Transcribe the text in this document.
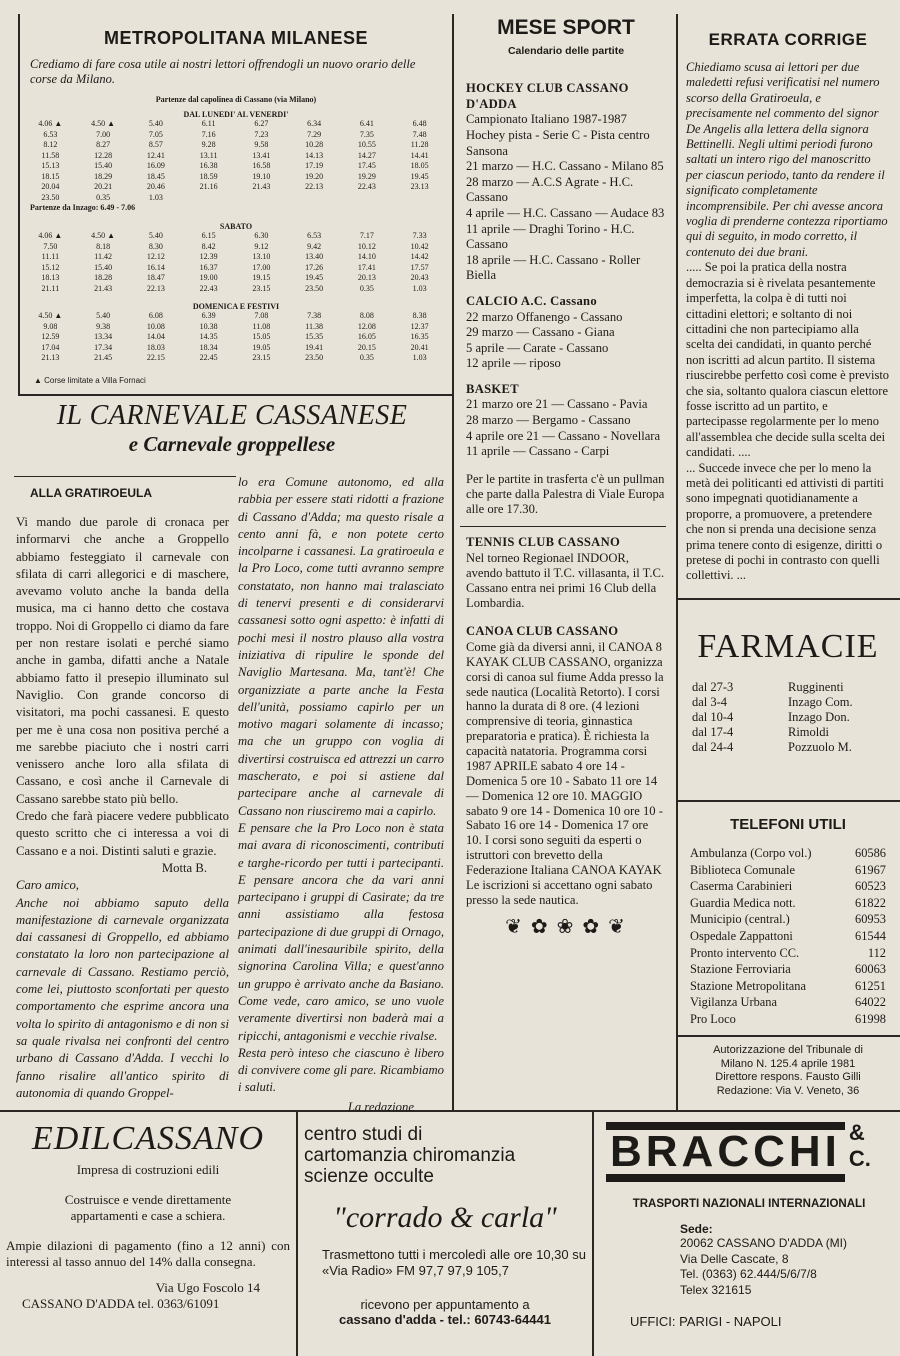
METROPOLITANA MILANESE
Crediamo di fare cosa utile ai nostri lettori offrendogli un nuovo orario delle corse da Milano.
Partenze dal capolinea di Cassano (via Milano)
DAL LUNEDI' AL VENERDI'
4.06 ▲	4.50 ▲	5.40	6.11	6.27	6.34	6.41	6.48
6.53	7.00	7.05	7.16	7.23	7.29	7.35	7.48
8.12	8.27	8.57	9.28	9.58	10.28	10.55	11.28
11.58	12.28	12.41	13.11	13.41	14.13	14.27	14.41
15.13	15.40	16.09	16.38	16.58	17.19	17.45	18.05
18.15	18.29	18.45	18.59	19.10	19.20	19.29	19.45
20.04	20.21	20.46	21.16	21.43	22.13	22.43	23.13
23.50	0.35	1.03					
Partenze da Inzago: 6.49 - 7.06
SABATO
4.06 ▲	4.50 ▲	5.40	6.15	6.30	6.53	7.17	7.33
7.50	8.18	8.30	8.42	9.12	9.42	10.12	10.42
11.11	11.42	12.12	12.39	13.10	13.40	14.10	14.42
15.12	15.40	16.14	16.37	17.00	17.26	17.41	17.57
18.13	18.28	18.47	19.00	19.15	19.45	20.13	20.43
21.11	21.43	22.13	22.43	23.15	23.50	0.35	1.03
DOMENICA E FESTIVI
4.50 ▲	5.40	6.08	6.39	7.08	7.38	8.08	8.38
9.08	9.38	10.08	10.38	11.08	11.38	12.08	12.37
12.59	13.34	14.04	14.35	15.05	15.35	16.05	16.35
17.04	17.34	18.03	18.34	19.05	19.41	20.15	20.41
21.13	21.45	22.15	22.45	23.15	23.50	0.35	1.03
▲ Corse limitate a Villa Fornaci
IL CARNEVALE CASSANESE
e Carnevale groppellese
ALLA GRATIROEULA

Vi mando due parole di cronaca per informarvi che anche a Groppello abbiamo festeggiato il carnevale con sfilata di carri allegorici e di maschere, avevamo voluto anche la banda della musica, ma ci hanno detto che costava troppo. Noi di Groppello ci diamo da fare per non restare isolati e perché siamo anche in gamba, difatti anche a Natale abbiamo fatto il presepio illuminato sul Naviglio. Con grande concorso di visitatori, ma pochi cassanesi. E questo per me è una cosa non positiva perché a me sarebbe piaciuto che i nostri carri venissero anche loro alla sfilata di Cassano, e così anche il Carnevale di Cassano sarebbe stato più bello.

Credo che farà piacere vedere pubblicato questo scritto che ci interessa a voi di Cassano e a noi. Distinti saluti e grazie.

Motta B.

Caro amico,

Anche noi abbiamo saputo della manifestazione di carnevale organizzata dai cassanesi di Groppello, ed abbiamo constatato la loro non partecipazione al carnevale di Cassano. Restiamo perciò, come lei, piuttosto sconfortati per questo comportamento che esprime ancora una volta lo spirito di antagonismo e di non si sa quale rivalsa nei confronti del centro urbano di Cassano d'Adda. I vecchi lo fanno risalire all'antico spirito di autonomia di quando Groppel-

lo era Comune autonomo, ed alla rabbia per essere stati ridotti a frazione di Cassano d'Adda; ma questo risale a cento anni fà, e non potete certo incolparne i cassanesi. La gratiroeula e la Pro Loco, come tutti avranno sempre constatato, non hanno mai tralasciato di tenervi presenti e di considerarvi cassanesi sotto ogni aspetto: è infatti di pochi mesi il nostro plauso alla vostra iniziativa di ripulire le sponde del Naviglio Martesana. Ma, tant'è! Che organizziate a parte anche la Festa dell'unità, possiamo capirlo per un motivo magari solamente di incasso; ma che un gruppo con voglia di divertirsi costruisca ed attrezzi un carro mascherato, e poi si astiene dal partecipare anche al carnevale di Cassano non riusciremo mai a capirlo.

E pensare che la Pro Loco non è stata mai avara di riconoscimenti, contributi e targhe-ricordo per tutti i partecipanti. E pensare ancora che da vari anni partecipano i gruppi di Casirate; da tre anni assistiamo alla festosa partecipazione di due gruppi di Ornago, animati dall'inesauribile spirito, della signorina Carolina Villa; e quest'anno un gruppo è arrivato anche da Basiano. Come vede, caro amico, se uno vuole veramente divertirsi non baderà mai a ripicchi, antagonismi e vecchie rivalse.

Resta però inteso che ciascuno è libero di convivere come gli pare. Ricambiamo i saluti.

La redazione
MESE SPORT
Calendario delle partite
HOCKEY CLUB CASSANO D'ADDA
Campionato Italiano 1987-1987
Hochey pista - Serie C - Pista centro Sansona
21 marzo — H.C. Cassano - Milano 85
28 marzo — A.C.S Agrate - H.C. Cassano
4 aprile — H.C. Cassano — Audace 83
11 aprile — Draghi Torino - H.C. Cassano
18 aprile — H.C. Cassano - Roller Biella
CALCIO A.C. Cassano
22 marzo Offanengo - Cassano
29 marzo — Cassano - Giana
5 aprile — Carate - Cassano
12 aprile — riposo
BASKET
21 marzo ore 21 — Cassano - Pavia
28 marzo — Bergamo - Cassano
4 aprile ore 21 — Cassano - Novellara
11 aprile — Cassano - Carpi

Per le partite in trasferta c'è un pullman che parte dalla Palestra di Viale Europa alle ore 17.30.

TENNIS CLUB CASSANO

Nel torneo Regionael INDOOR, avendo battuto il T.C. villasanta, il T.C. Cassano entra nei primi 16 Club della Lombardia.

CANOA CLUB CASSANO

Come già da diversi anni, il CANOA 8 KAYAK CLUB CASSANO, organizza corsi di canoa sul fiume Adda presso la sede nautica (Località Retorto). I corsi hanno la durata di 8 ore. (4 lezioni comprensive di teoria, ginnastica preparatoria e pratica). È richiesta la capacità natatoria. Programma corsi 1987 APRILE sabato 4 ore 14 - Domenica 5 ore 10 - Sabato 11 ore 14 — Domenica 12 ore 10. MAGGIO sabato 9 ore 14 - Domenica 10 ore 10 - Sabato 16 ore 14 - Domenica 17 ore 10. I corsi sono seguiti da esperti o istruttori con brevetto della Federazione Italiana CANOA KAYAK Le iscrizioni si accettano ogni sabato presso la sede nautica.

❦ ✿ ❀ ✿ ❦
ERRATA CORRIGE

Chiediamo scusa ai lettori per due maledetti refusi verificatisi nel numero scorso della Gratiroeula, e precisamente nel commento del signor De Angelis alla lettera della signora Bettinelli. Negli ultimi periodi furono saltati un intero rigo del manoscritto per ciascun periodo, tanto da rendere il significato completamente incomprensibile. Per chi avesse ancora voglia di prenderne contezza riportiamo qui di seguito, in modo corretto, il contenuto dei due brani.

..... Se poi la pratica della nostra democrazia si è rivelata pesantemente imperfetta, la colpa è di tutti noi cittadini elettori; e soltanto di noi cittadini che non partecipiamo alla scelta dei candidati, in quanto perché non iscritti ad alcun partito. Il sistema riuscirebbe perfetto così come è previsto che sia, soltanto qualora ciascun elettore fosse iscritto ad un partito, e partecipasse regolarmente per lo meno all'assemblea che decide sulla scelta dei candidati. ....

... Succede invece che per lo meno la metà dei politicanti ed attivisti di partiti sono impegnati quotidianamente a proporre, a promuovere, a pretendere che non si prenda una decisione senza prima tenere conto di esigenze, diritti o pretese di pochi in contrasto con quelli collettivi. ...

FARMACIE
dal 27-3	Rugginenti
dal 3-4	Inzago Com.
dal 10-4	Inzago Don.
dal 17-4	Rimoldi
dal 24-4	Pozzuolo M.
TELEFONI UTILI
Ambulanza (Corpo vol.)	60586
Biblioteca Comunale	61967
Caserma Carabinieri	60523
Guardia Medica nott.	61822
Municipio (central.)	60953
Ospedale Zappattoni	61544
Pronto intervento CC.	112
Stazione Ferroviaria	60063
Stazione Metropolitana	61251
Vigilanza Urbana	64022
Pro Loco	61998
Autorizzazione del Tribunale di
Milano N. 125.4 aprile 1981
Direttore respons. Fausto Gilli
Redazione: Via V. Veneto, 36
EDILCASSANO
Impresa di costruzioni edili
Costruisce e vende direttamente
appartamenti e case a schiera.

Ampie dilazioni di pagamento (fino a 12 anni) con interessi al tasso annuo del 14% dalla consegna.

Via Ugo Foscolo 14
CASSANO D'ADDA tel. 0363/61091
centro studi di
cartomanzia chiromanzia
scienze occulte
"corrado & carla"

Trasmettono tutti i mercoledì alle ore 10,30 su «Via Radio» FM 97,7 97,9 105,7

ricevono per appuntamento a
cassano d'adda - tel.: 60743-64441
BRACCHI & C.
TRASPORTI NAZIONALI INTERNAZIONALI
Sede:
20062 CASSANO D'ADDA (MI)
Via Delle Cascate, 8
Tel. (0363) 62.444/5/6/7/8
Telex 321615
UFFICI: PARIGI - NAPOLI
